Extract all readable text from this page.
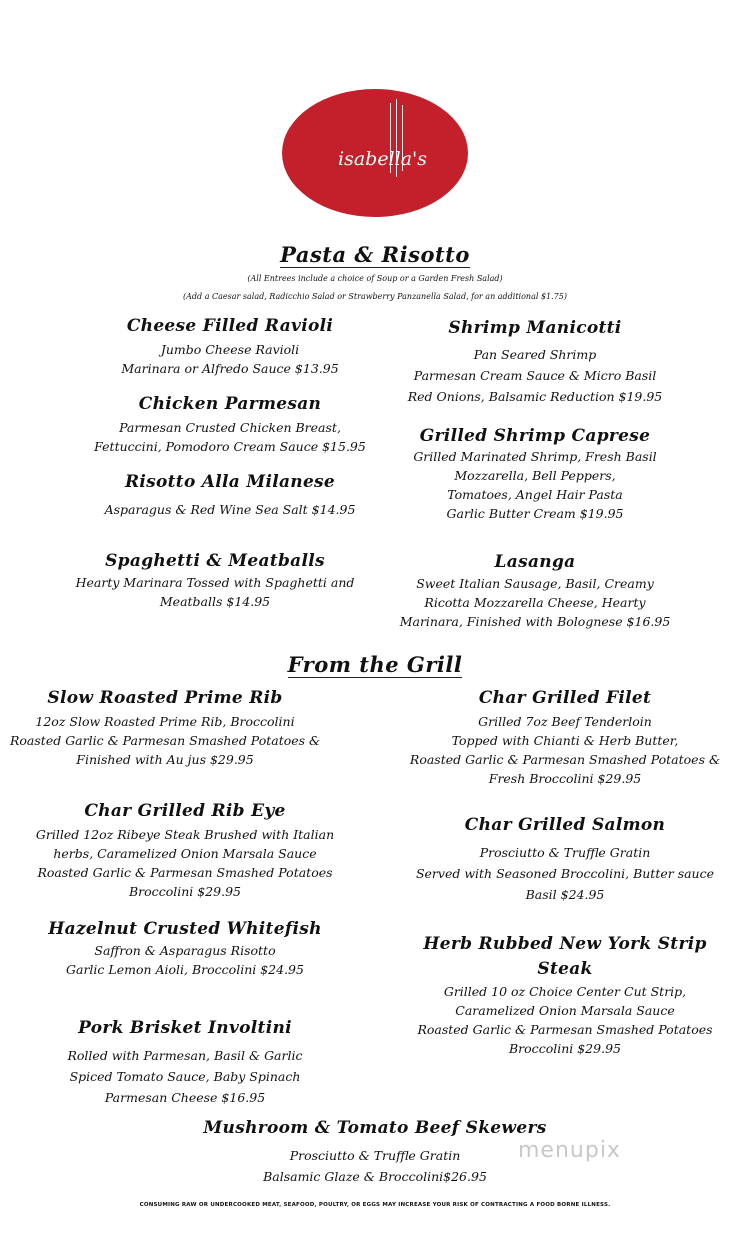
isabella's
Pasta & Risotto
(All Entrees include a choice of Soup or a Garden Fresh Salad)
(Add a Caesar salad, Radicchio Salad or Strawberry Panzanella Salad, for an additional $1.75)
Cheese Filled Ravioli
Jumbo Cheese Ravioli
Marinara or Alfredo Sauce $13.95
Chicken Parmesan
Parmesan Crusted Chicken Breast,
Fettuccini, Pomodoro Cream Sauce $15.95
Risotto Alla Milanese
Asparagus & Red Wine Sea Salt $14.95
Spaghetti & Meatballs
Hearty Marinara Tossed with Spaghetti and
Meatballs $14.95
Shrimp Manicotti
Pan Seared Shrimp
Parmesan Cream Sauce & Micro Basil
Red Onions, Balsamic Reduction $19.95
Grilled Shrimp Caprese
Grilled Marinated Shrimp, Fresh Basil
Mozzarella, Bell Peppers,
Tomatoes, Angel Hair Pasta
Garlic Butter Cream $19.95
Lasanga
Sweet Italian Sausage, Basil, Creamy
Ricotta Mozzarella Cheese, Hearty
Marinara, Finished with Bolognese $16.95
From the Grill
Slow Roasted Prime Rib
12oz Slow Roasted Prime Rib, Broccolini
Roasted Garlic & Parmesan Smashed Potatoes &
Finished with Au jus $29.95
Char Grilled Rib Eye
Grilled 12oz Ribeye Steak Brushed with Italian
herbs, Caramelized Onion Marsala Sauce
Roasted Garlic & Parmesan Smashed Potatoes
Broccolini $29.95
Hazelnut Crusted Whitefish
Saffron & Asparagus Risotto
Garlic Lemon Aioli, Broccolini $24.95
Pork Brisket Involtini
Rolled with Parmesan, Basil & Garlic
Spiced Tomato Sauce, Baby Spinach
Parmesan Cheese $16.95
Char Grilled Filet
Grilled 7oz Beef Tenderloin
Topped with Chianti & Herb Butter,
Roasted Garlic & Parmesan Smashed Potatoes &
Fresh Broccolini $29.95
Char Grilled Salmon
Prosciutto & Truffle Gratin
Served with Seasoned Broccolini, Butter sauce
Basil $24.95
Herb Rubbed New York Strip
Steak
Grilled 10 oz Choice Center Cut Strip,
Caramelized Onion Marsala Sauce
Roasted Garlic & Parmesan Smashed Potatoes
Broccolini $29.95
Mushroom & Tomato Beef Skewers
Prosciutto & Truffle Gratin
Balsamic Glaze & Broccolini$26.95
menupix
CONSUMING RAW OR UNDERCOOKED MEAT, SEAFOOD, POULTRY, OR EGGS MAY INCREASE YOUR RISK OF CONTRACTING A FOOD BORNE ILLNESS.
